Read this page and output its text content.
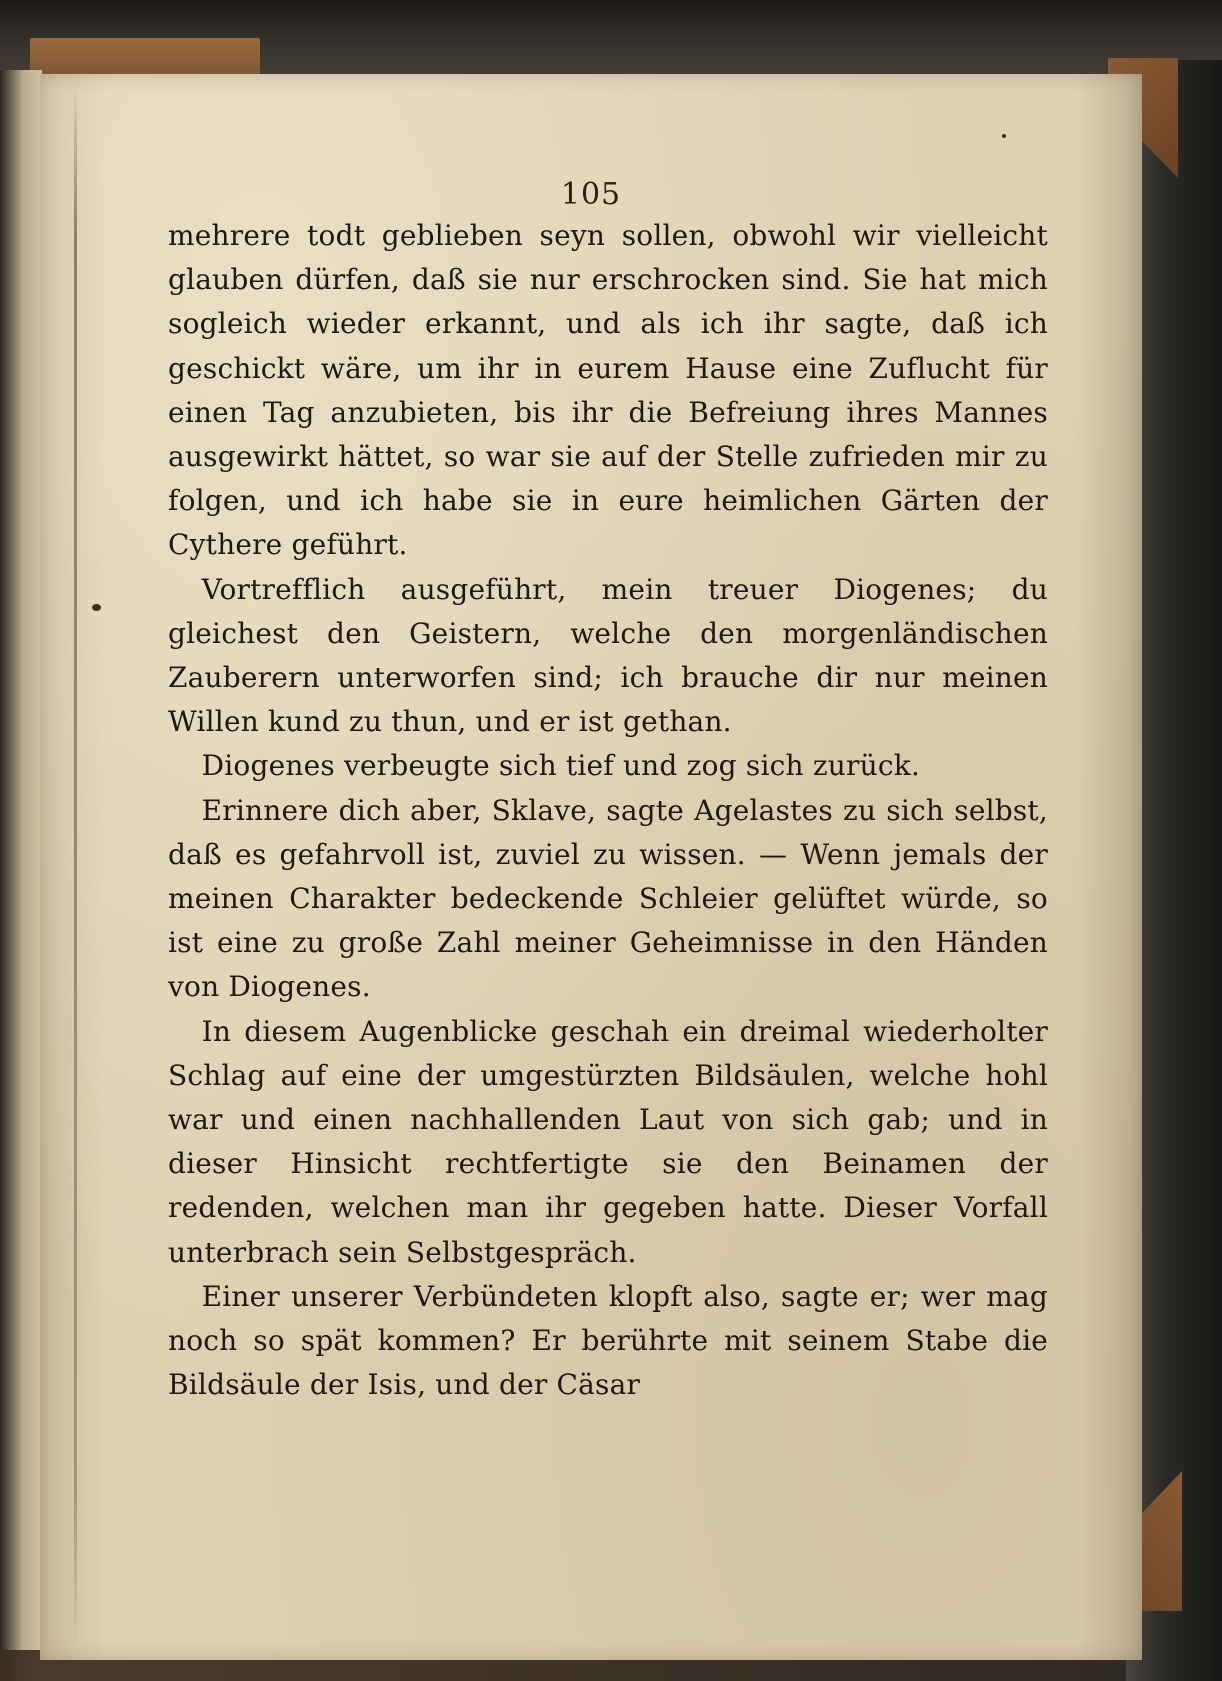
105

mehrere todt geblieben seyn sollen, obwohl wir vielleicht glauben dürfen, daß sie nur erschrocken sind. Sie hat mich sogleich wieder erkannt, und als ich ihr sagte, daß ich geschickt wäre, um ihr in eurem Hause eine Zuflucht für einen Tag anzubieten, bis ihr die Befreiung ihres Mannes ausgewirkt hättet, so war sie auf der Stelle zufrieden mir zu folgen, und ich habe sie in eure heimlichen Gärten der Cythere geführt.

Vortrefflich ausgeführt, mein treuer Diogenes; du gleichest den Geistern, welche den morgenländischen Zauberern unterworfen sind; ich brauche dir nur meinen Willen kund zu thun, und er ist gethan.

Diogenes verbeugte sich tief und zog sich zurück.

Erinnere dich aber, Sklave, sagte Agelastes zu sich selbst, daß es gefahrvoll ist, zuviel zu wissen. — Wenn jemals der meinen Charakter bedeckende Schleier gelüftet würde, so ist eine zu große Zahl meiner Geheimnisse in den Händen von Diogenes.

In diesem Augenblicke geschah ein dreimal wiederholter Schlag auf eine der umgestürzten Bildsäulen, welche hohl war und einen nachhallenden Laut von sich gab; und in dieser Hinsicht rechtfertigte sie den Beinamen der redenden, welchen man ihr gegeben hatte. Dieser Vorfall unterbrach sein Selbstgespräch.

Einer unserer Verbündeten klopft also, sagte er; wer mag noch so spät kommen? Er berührte mit seinem Stabe die Bildsäule der Isis, und der Cäsar
